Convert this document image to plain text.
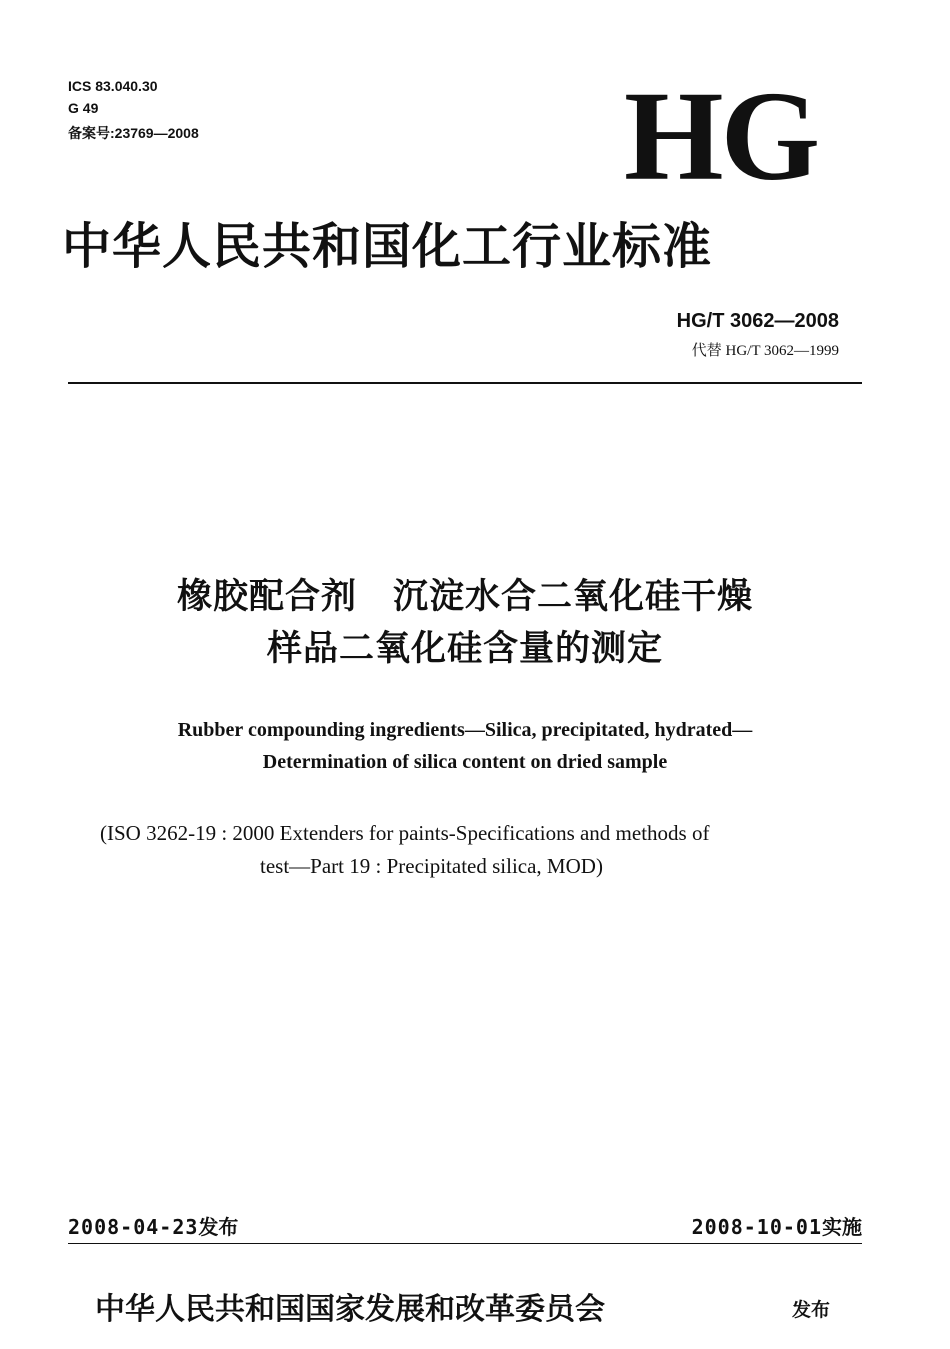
ICS 83.040.30
G 49
备案号:23769—2008	HG
中华人民共和国化工行业标准
HG/T 3062—2008
代替 HG/T 3062—1999
橡胶配合剂　沉淀水合二氧化硅干燥
样品二氧化硅含量的测定
Rubber compounding ingredients—Silica, precipitated, hydrated—
Determination of silica content on dried sample
(ISO 3262-19 : 2000 Extenders for paints-Specifications and methods of
test—Part 19 : Precipitated silica, MOD)
2008-04-23发布	2008-10-01实施
中华人民共和国国家发展和改革委员会	发布
